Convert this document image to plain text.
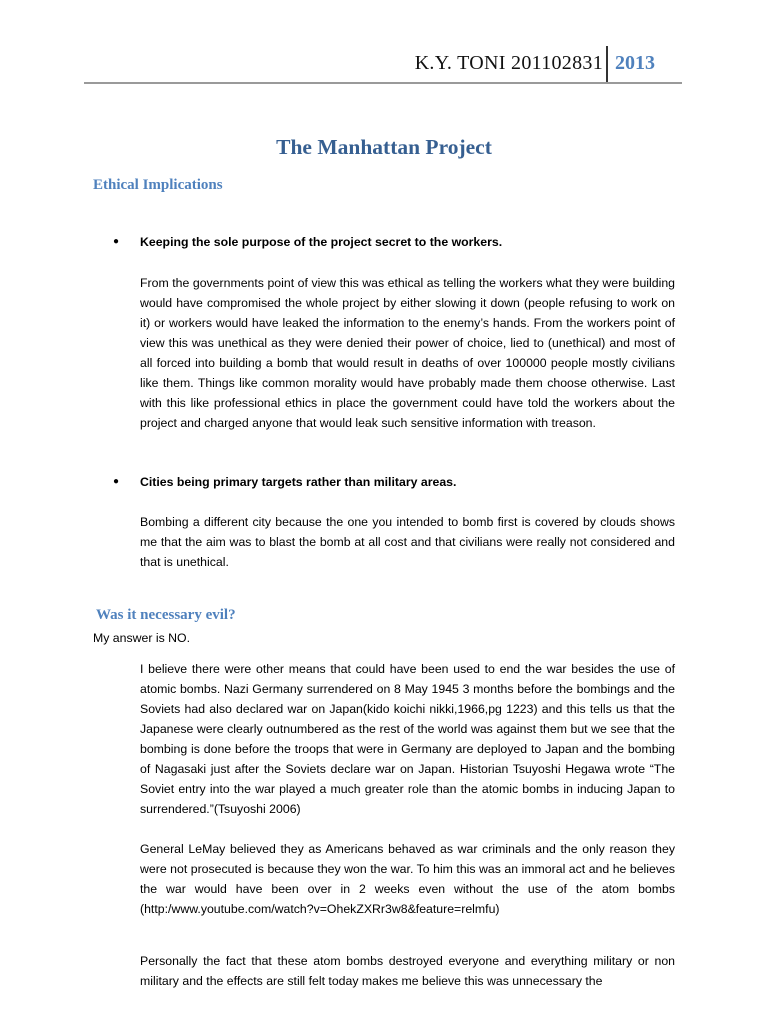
K.Y. TONI 201102831 2013
The Manhattan Project
Ethical Implications
●	Keeping the sole purpose of the project secret to the workers.
From the governments point of view this was ethical as telling the workers what they were building would have compromised the whole project by either slowing it down (people refusing to work on it) or workers would have leaked the information to the enemy’s hands. From the workers point of view this was unethical as they were denied their power of choice, lied to (unethical) and most of all forced into building a bomb that would result in deaths of over 100000 people mostly civilians like them. Things like common morality would have probably made them choose otherwise. Last with this like professional ethics in place the government could have told the workers about the project and charged anyone that would leak such sensitive information with treason.
●	Cities being primary targets rather than military areas.
Bombing a different city because the one you intended to bomb first is covered by clouds shows me that the aim was to blast the bomb at all cost and that civilians were really not considered and that is unethical.
Was it necessary evil?
My answer is NO.
I believe there were other means that could have been used to end the war besides the use of atomic bombs. Nazi Germany surrendered on 8 May 1945 3 months before the bombings and the Soviets had also declared war on Japan(kido koichi nikki,1966,pg 1223) and this tells us that the Japanese were clearly outnumbered as the rest of the world was against them but we see that the bombing is done before the troops that were in Germany are deployed to Japan and the bombing of Nagasaki just after the Soviets declare war on Japan. Historian Tsuyoshi Hegawa wrote “The Soviet entry into the war played a much greater role than the atomic bombs in inducing Japan to surrendered.”(Tsuyoshi 2006)
General LeMay believed they as Americans behaved as war criminals and the only reason they were not prosecuted is because they won the war. To him this was an immoral act and he believes the war would have been over in 2 weeks even without the use of the atom bombs (http:/www.youtube.com/watch?v=OhekZXRr3w8&feature=relmfu)
Personally the fact that these atom bombs destroyed everyone and everything military or non military and the effects are still felt today makes me believe this was unnecessary the
